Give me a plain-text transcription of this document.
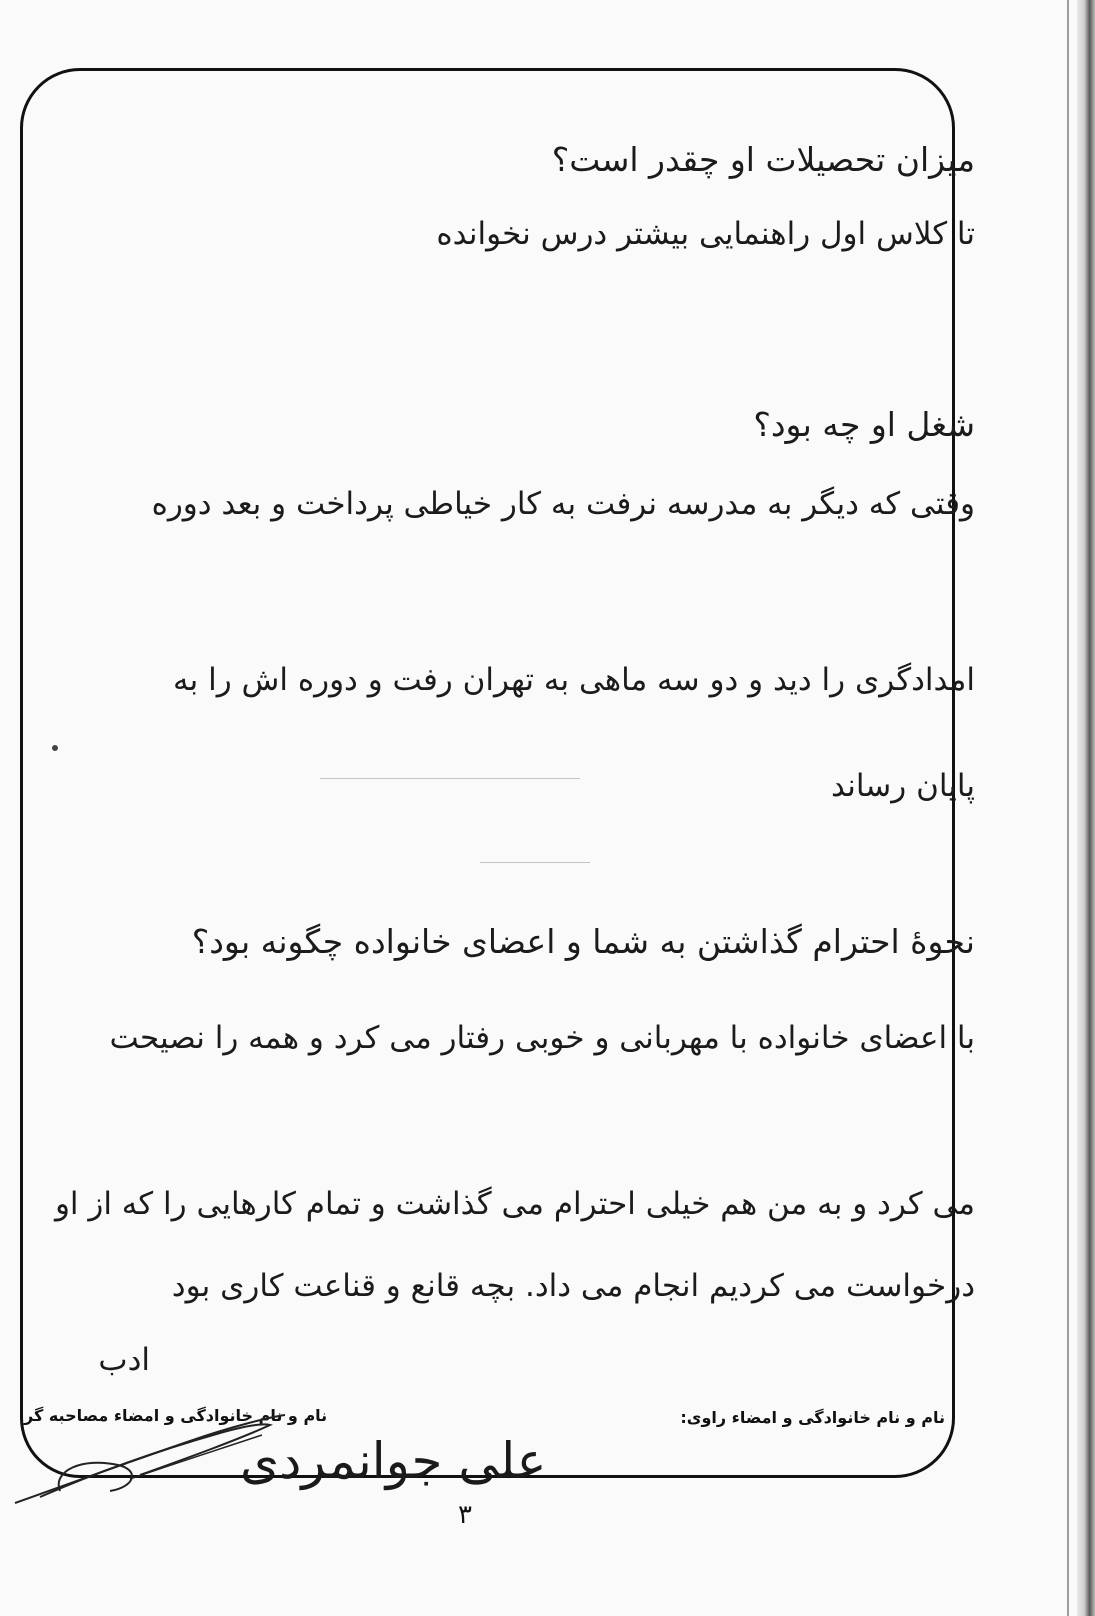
میزان تحصیلات او چقدر است؟
تا کلاس اول راهنمایی بیشتر درس نخوانده
شغل او چه بود؟
وقتی که دیگر به مدرسه نرفت به کار خیاطی پرداخت و بعد دوره
امدادگری را دید و دو سه ماهی به تهران رفت و دوره اش را به
پایان رساند
نحوهٔ احترام گذاشتن به شما و اعضای خانواده چگونه بود؟
با اعضای خانواده با مهربانی و خوبی رفتار می کرد و همه را نصیحت
می کرد و به من هم خیلی احترام می گذاشت و تمام کارهایی را که از او
درخواست می کردیم انجام می داد. بچه قانع و قناعت کاری بود
ادب
نام و نام خانوادگی و امضاء راوی:
نام و نام خانوادگی و امضاء مصاحبه گر
علی جوانمردی
۳
